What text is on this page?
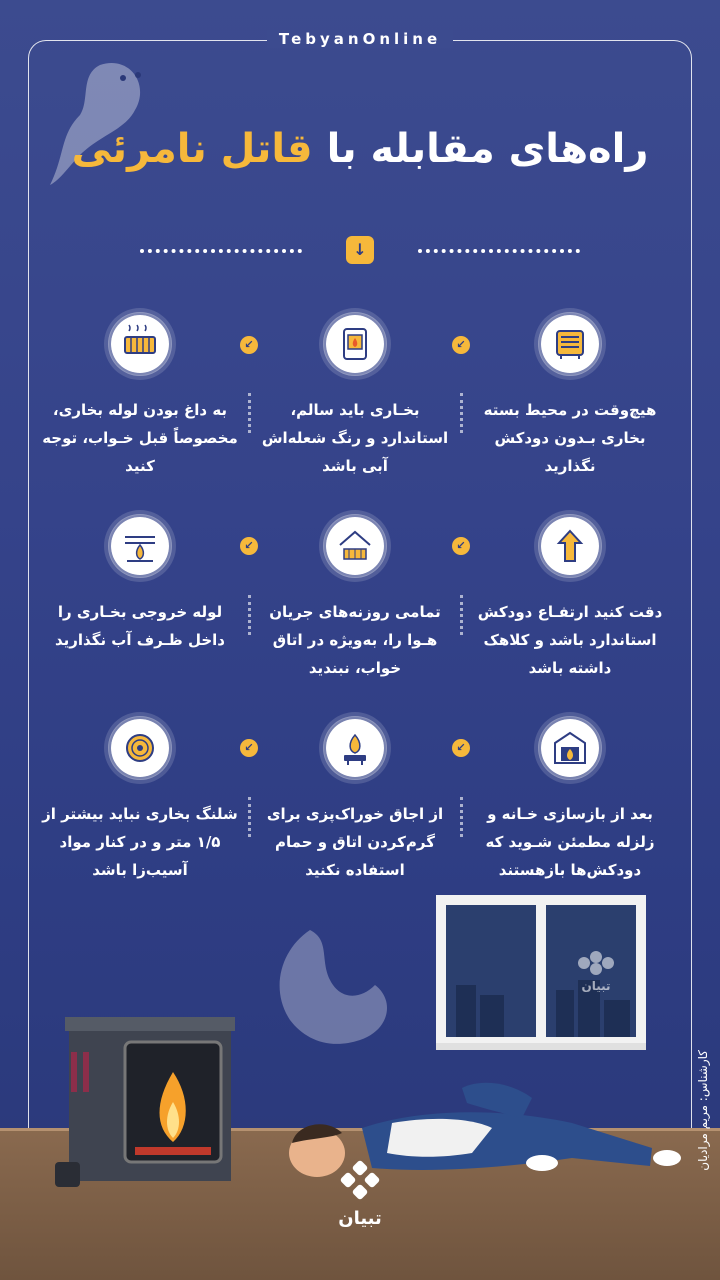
TebyanOnline
راه‌های مقابله با قاتل نامرئی
↓
هیچ‌وقت در محیط بسته بخاری بـدون دودکش نگذارید
↙
بخـاری باید سالم، استاندارد و رنگ شعله‌اش آبی باشد
↙
به داغ بودن لوله بخاری، مخصوصاً قبل خـواب، توجه کنید
دقت کنید ارتفـاع دودکش استاندارد باشد و کلاهک داشته باشد
↙
تمامی روزنه‌های جریان هـوا را، به‌ویژه در اتاق خواب، نبندید
↙
لوله خروجی بخـاری را داخل ظـرف آب نگذارید
بعد از بازسازی خـانه و زلزله مطمئن شـوید که دودکش‌ها بازهستند
↙
از اجاق خوراک‌پزی برای گرم‌کردن اتاق و حمام استفاده نکنید
↙
شلنگ بخاری نباید بیشتر از ۱/۵ متر و در کنار مواد آسیب‌زا باشد
تبیان
تبیان
کارشناس: مریم مرادیان
